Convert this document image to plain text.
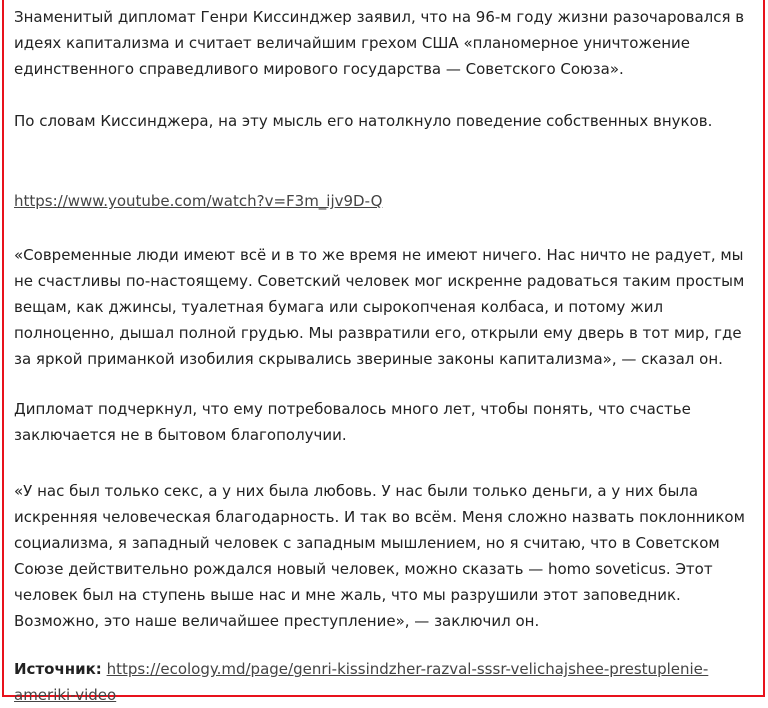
Знаменитый дипломат Генри Киссинджер заявил, что на 96-м году жизни разочаровался в идеях капитализма и считает величайшим грехом США «планомерное уничтожение единственного справедливого мирового государства — Советского Союза».

По словам Киссинджера, на эту мысль его натолкнуло поведение собственных внуков.

https://www.youtube.com/watch?v=F3m_ijv9D-Q

«Современные люди имеют всё и в то же время не имеют ничего. Нас ничто не радует, мы не счастливы по-настоящему. Советский человек мог искренне радоваться таким простым вещам, как джинсы, туалетная бумага или сырокопченая колбаса, и потому жил полноценно, дышал полной грудью. Мы развратили его, открыли ему дверь в тот мир, где за яркой приманкой изобилия скрывались звериные законы капитализма», — сказал он.

Дипломат подчеркнул, что ему потребовалось много лет, чтобы понять, что счастье заключается не в бытовом благополучии.

«У нас был только секс, а у них была любовь. У нас были только деньги, а у них была искренняя человеческая благодарность. И так во всём. Меня сложно назвать поклонником социализма, я западный человек с западным мышлением, но я считаю, что в Советском Союзе действительно рождался новый человек, можно сказать — homo soveticus. Этот человек был на ступень выше нас и мне жаль, что мы разрушили этот заповедник. Возможно, это наше величайшее преступление», — заключил он.

Источник: https://ecology.md/page/genri-kissindzher-razval-sssr-velichajshee-prestuplenie-ameriki-video
